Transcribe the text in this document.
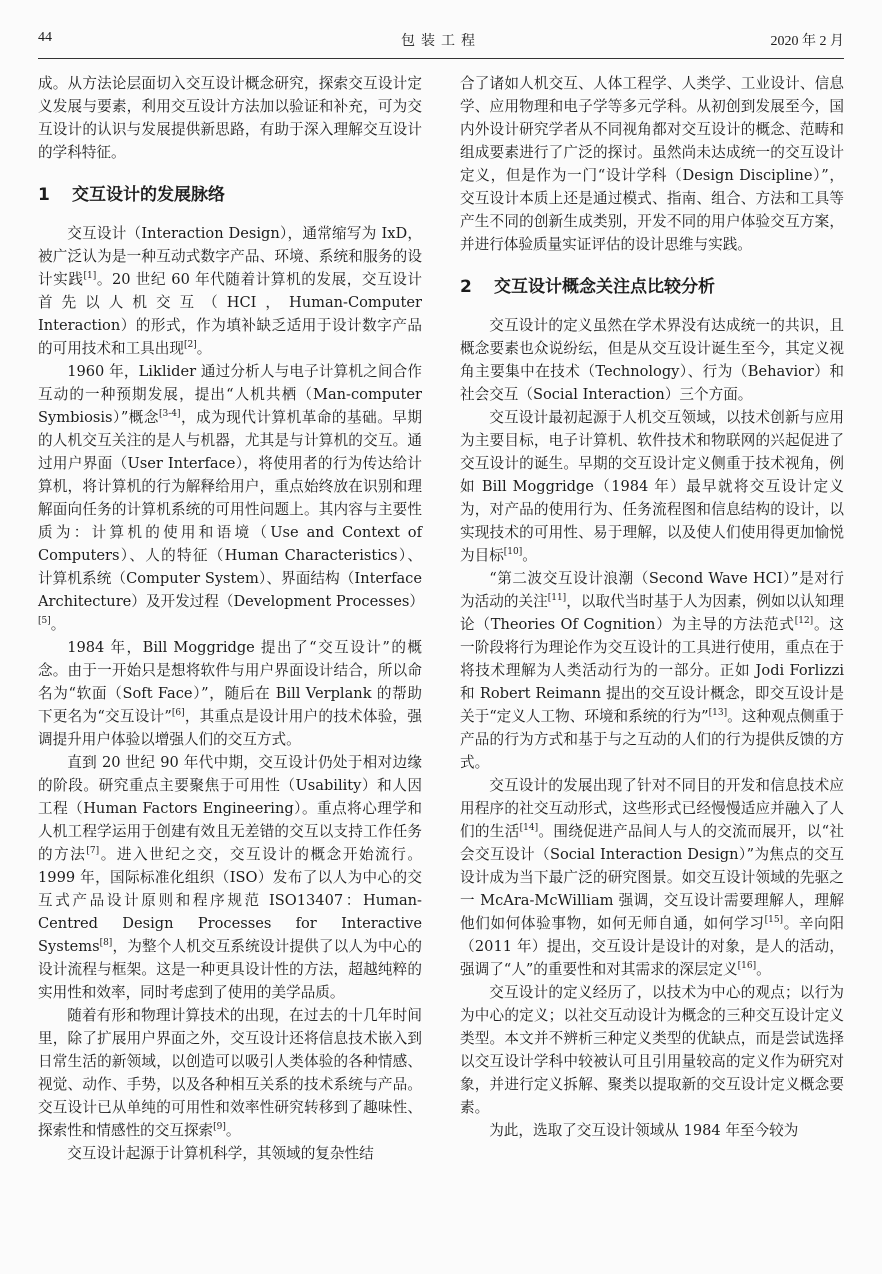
44	包装工程	2020 年 2 月

成。从方法论层面切入交互设计概念研究，探索交互设计定义发展与要素，利用交互设计方法加以验证和补充，可为交互设计的认识与发展提供新思路，有助于深入理解交互设计的学科特征。

1 交互设计的发展脉络

交互设计（Interaction Design），通常缩写为 IxD，被广泛认为是一种互动式数字产品、环境、系统和服务的设计实践[1]。20 世纪 60 年代随着计算机的发展，交互设计首先以人机交互（HCI，Human-Computer Interaction）的形式，作为填补缺乏适用于设计数字产品的可用技术和工具出现[2]。

1960 年，Liklider 通过分析人与电子计算机之间合作互动的一种预期发展，提出“人机共栖（Man-computer Symbiosis）”概念[3-4]，成为现代计算机革命的基础。早期的人机交互关注的是人与机器，尤其是与计算机的交互。通过用户界面（User Interface），将使用者的行为传达给计算机，将计算机的行为解释给用户，重点始终放在识别和理解面向任务的计算机系统的可用性问题上。其内容与主要性质为：计算机的使用和语境（Use and Context of Computers）、人的特征（Human Characteristics）、计算机系统（Computer System）、界面结构（Interface Architecture）及开发过程（Development Processes）[5]。

1984 年，Bill Moggridge 提出了“交互设计”的概念。由于一开始只是想将软件与用户界面设计结合，所以命名为“软面（Soft Face）”，随后在 Bill Verplank 的帮助下更名为“交互设计”[6]，其重点是设计用户的技术体验，强调提升用户体验以增强人们的交互方式。

直到 20 世纪 90 年代中期，交互设计仍处于相对边缘的阶段。研究重点主要聚焦于可用性（Usability）和人因工程（Human Factors Engineering）。重点将心理学和人机工程学运用于创建有效且无差错的交互以支持工作任务的方法[7]。进入世纪之交，交互设计的概念开始流行。1999 年，国际标准化组织（ISO）发布了以人为中心的交互式产品设计原则和程序规范 ISO13407：Human-Centred Design Processes for Interactive Systems[8]，为整个人机交互系统设计提供了以人为中心的设计流程与框架。这是一种更具设计性的方法，超越纯粹的实用性和效率，同时考虑到了使用的美学品质。

随着有形和物理计算技术的出现，在过去的十几年时间里，除了扩展用户界面之外，交互设计还将信息技术嵌入到日常生活的新领域，以创造可以吸引人类体验的各种情感、视觉、动作、手势，以及各种相互关系的技术系统与产品。交互设计已从单纯的可用性和效率性研究转移到了趣味性、探索性和情感性的交互探索[9]。

交互设计起源于计算机科学，其领域的复杂性结

合了诸如人机交互、人体工程学、人类学、工业设计、信息学、应用物理和电子学等多元学科。从初创到发展至今，国内外设计研究学者从不同视角都对交互设计的概念、范畴和组成要素进行了广泛的探讨。虽然尚未达成统一的交互设计定义，但是作为一门“设计学科（Design Discipline）”，交互设计本质上还是通过模式、指南、组合、方法和工具等产生不同的创新生成类别，开发不同的用户体验交互方案，并进行体验质量实证评估的设计思维与实践。

2 交互设计概念关注点比较分析

交互设计的定义虽然在学术界没有达成统一的共识，且概念要素也众说纷纭，但是从交互设计诞生至今，其定义视角主要集中在技术（Technology）、行为（Behavior）和社会交互（Social Interaction）三个方面。

交互设计最初起源于人机交互领域，以技术创新与应用为主要目标，电子计算机、软件技术和物联网的兴起促进了交互设计的诞生。早期的交互设计定义侧重于技术视角，例如 Bill Moggridge（1984 年）最早就将交互设计定义为，对产品的使用行为、任务流程图和信息结构的设计，以实现技术的可用性、易于理解，以及使人们使用得更加愉悦为目标[10]。

“第二波交互设计浪潮（Second Wave HCI）”是对行为活动的关注[11]，以取代当时基于人为因素，例如以认知理论（Theories Of Cognition）为主导的方法范式[12]。这一阶段将行为理论作为交互设计的工具进行使用，重点在于将技术理解为人类活动行为的一部分。正如 Jodi Forlizzi 和 Robert Reimann 提出的交互设计概念，即交互设计是关于“定义人工物、环境和系统的行为”[13]。这种观点侧重于产品的行为方式和基于与之互动的人们的行为提供反馈的方式。

交互设计的发展出现了针对不同目的开发和信息技术应用程序的社交互动形式，这些形式已经慢慢适应并融入了人们的生活[14]。围绕促进产品间人与人的交流而展开，以“社会交互设计（Social Interaction Design）”为焦点的交互设计成为当下最广泛的研究图景。如交互设计领域的先驱之一 McAra-McWilliam 强调，交互设计需要理解人，理解他们如何体验事物，如何无师自通，如何学习[15]。辛向阳（2011 年）提出，交互设计是设计的对象，是人的活动，强调了“人”的重要性和对其需求的深层定义[16]。

交互设计的定义经历了，以技术为中心的观点；以行为为中心的定义；以社交互动设计为概念的三种交互设计定义类型。本文并不辨析三种定义类型的优缺点，而是尝试选择以交互设计学科中较被认可且引用量较高的定义作为研究对象，并进行定义拆解、聚类以提取新的交互设计定义概念要素。

为此，选取了交互设计领域从 1984 年至今较为
